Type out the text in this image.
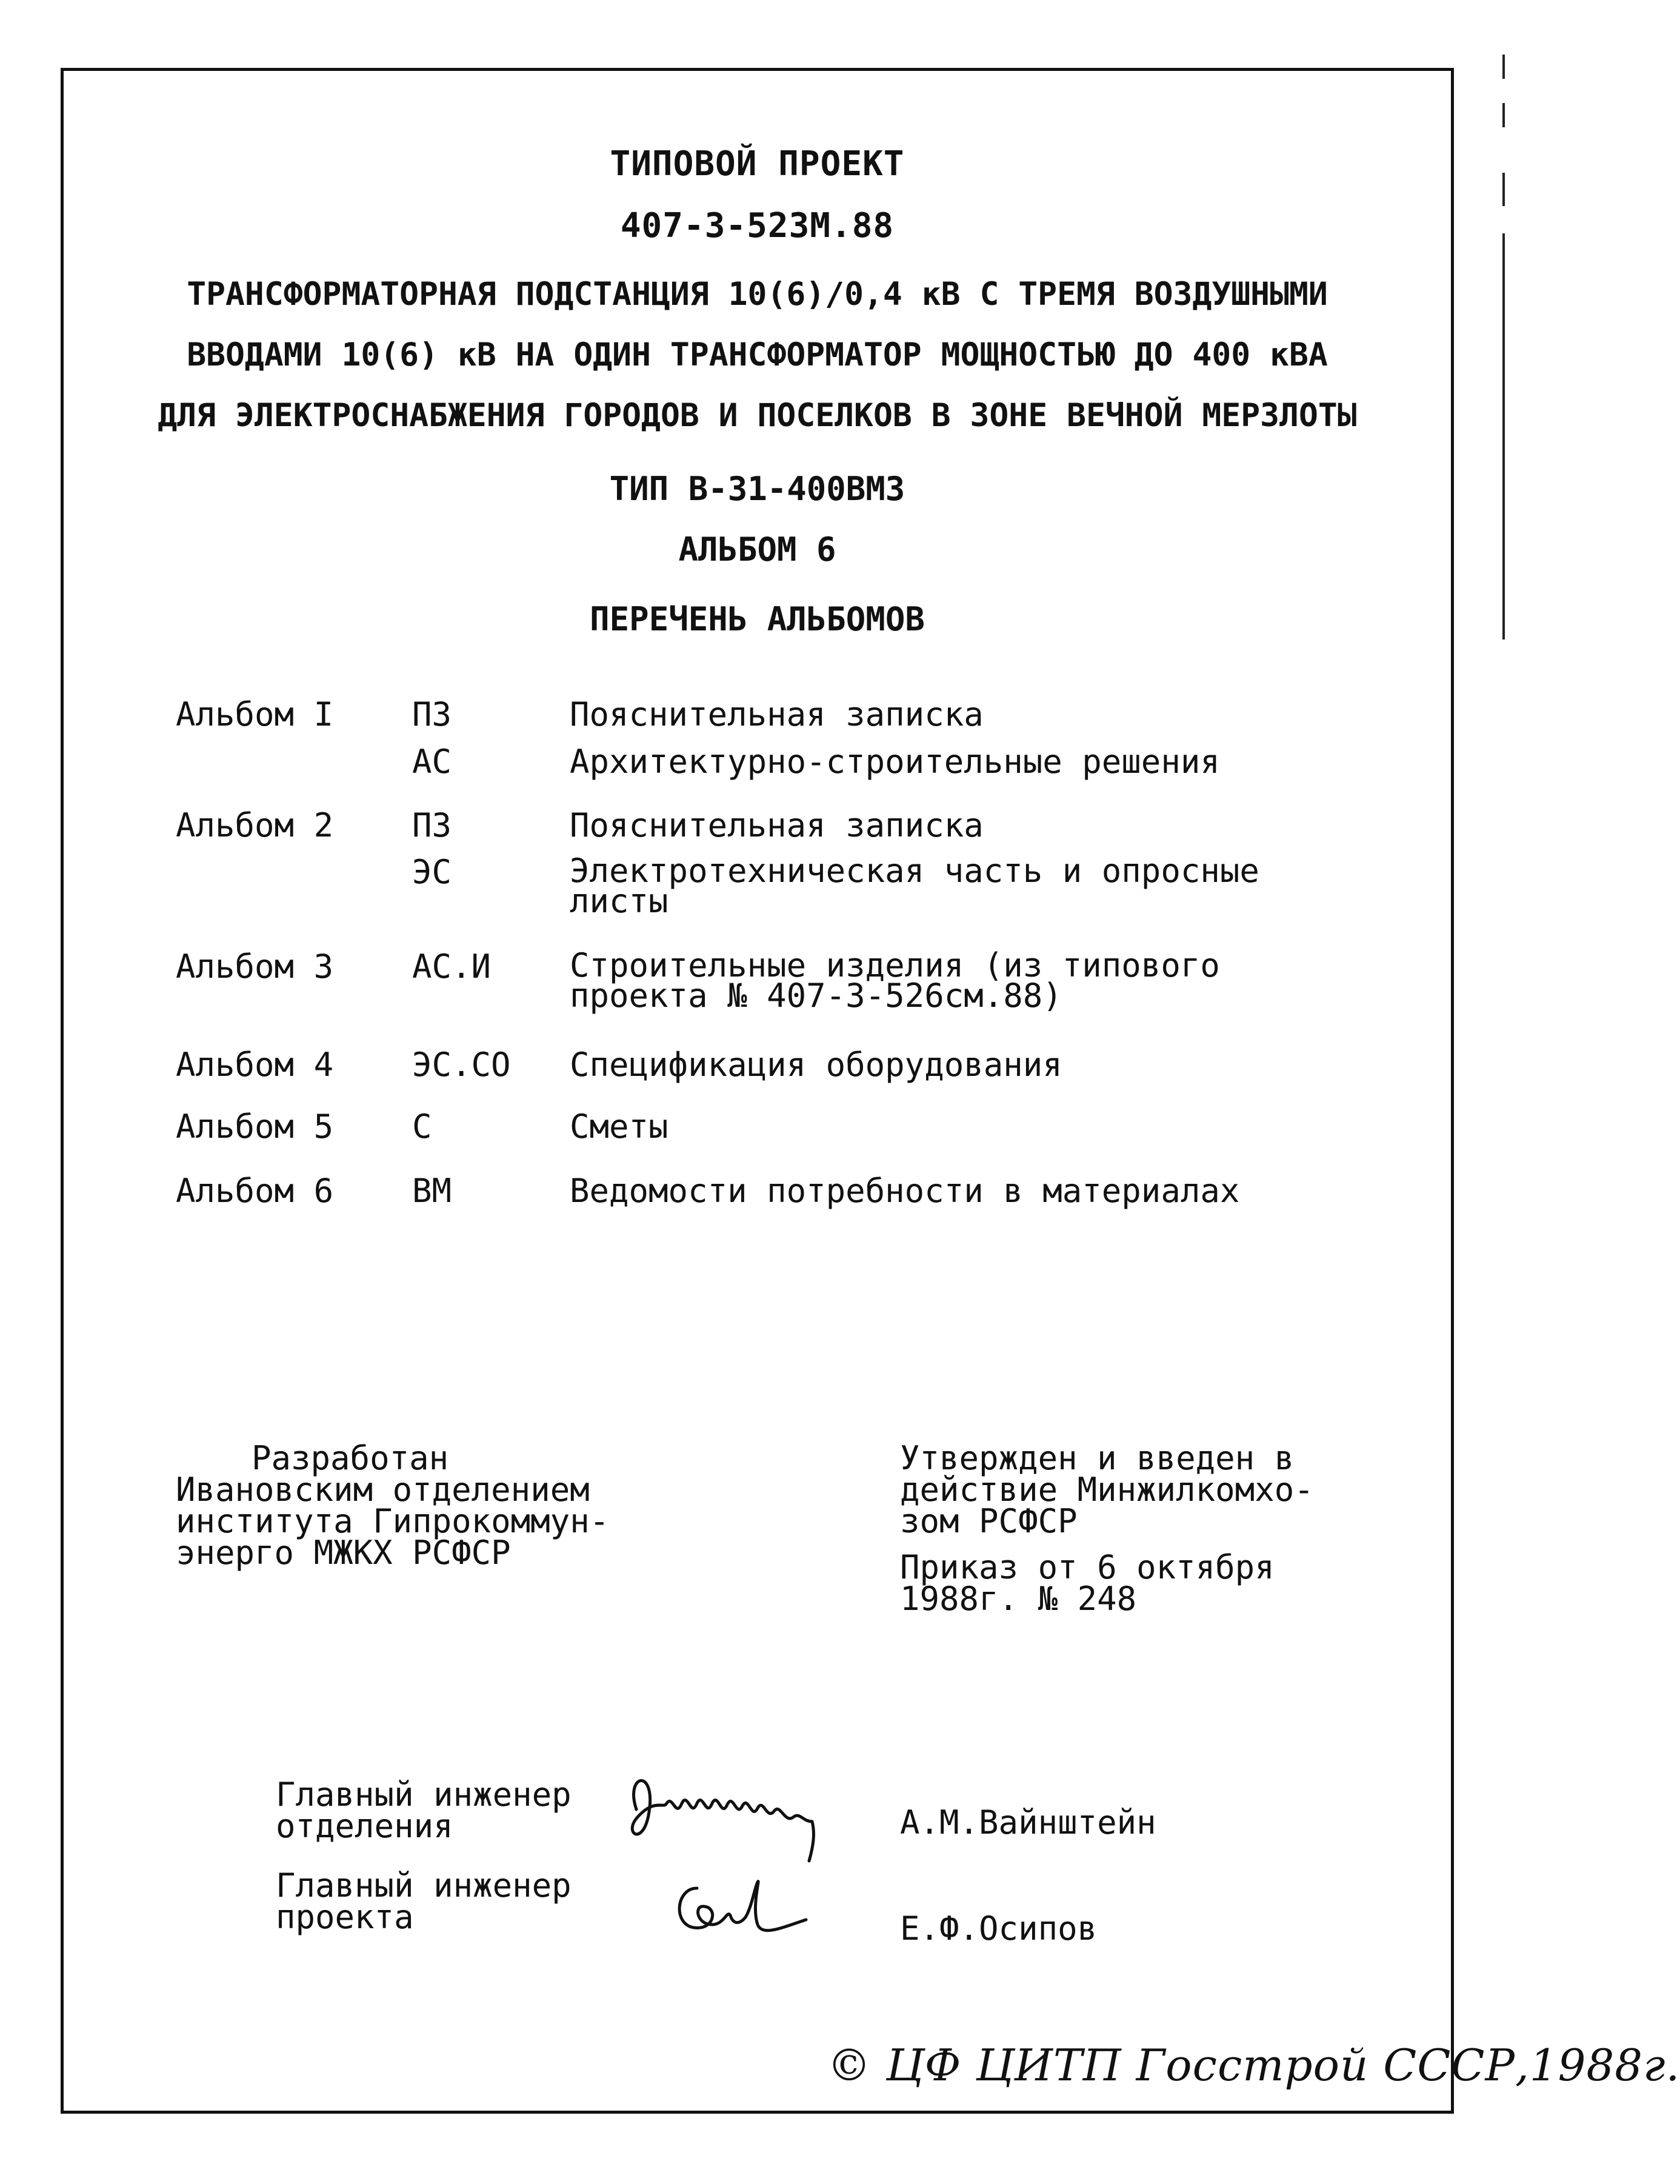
ТИПОВОЙ ПРОЕКТ
407-3-523М.88
ТРАНСФОРМАТОРНАЯ ПОДСТАНЦИЯ 10(6)/0,4 кВ С ТРЕМЯ ВОЗДУШНЫМИ
ВВОДАМИ 10(6) кВ НА ОДИН ТРАНСФОРМАТОР МОЩНОСТЬЮ ДО 400 кВА
ДЛЯ ЭЛЕКТРОСНАБЖЕНИЯ ГОРОДОВ И ПОСЕЛКОВ В ЗОНЕ ВЕЧНОЙ МЕРЗЛОТЫ
ТИП В-31-400ВМЗ
АЛЬБОМ 6
ПЕРЕЧЕНЬ АЛЬБОМОВ
Альбом I ПЗ	Пояснительная записка
АС	Архитектурно-строительные решения
Альбом 2 ПЗ	Пояснительная записка
ЭС	Электротехническая часть и опросные
листы
Альбом 3 АС.И Строительные изделия (из типового
проекта № 407-3-526см.88)
Альбом 4 ЭС.СО Спецификация оборудования
Альбом 5 С	Сметы
Альбом 6 ВМ	Ведомости потребности в материалах
Разработан
Ивановским отделением
института Гипрокоммун-
энерго МЖКХ РСФСР
Утвержден и введен в
действие Минжилкомхо-
зом РСФСР
Приказ от 6 октября
1988г. № 248
Главный инженер
отделения	А.М.Вайнштейн
Главный инженер
проекта	Е.Ф.Осипов
© ЦФ ЦИТП Госстрой СССР,1988г.
